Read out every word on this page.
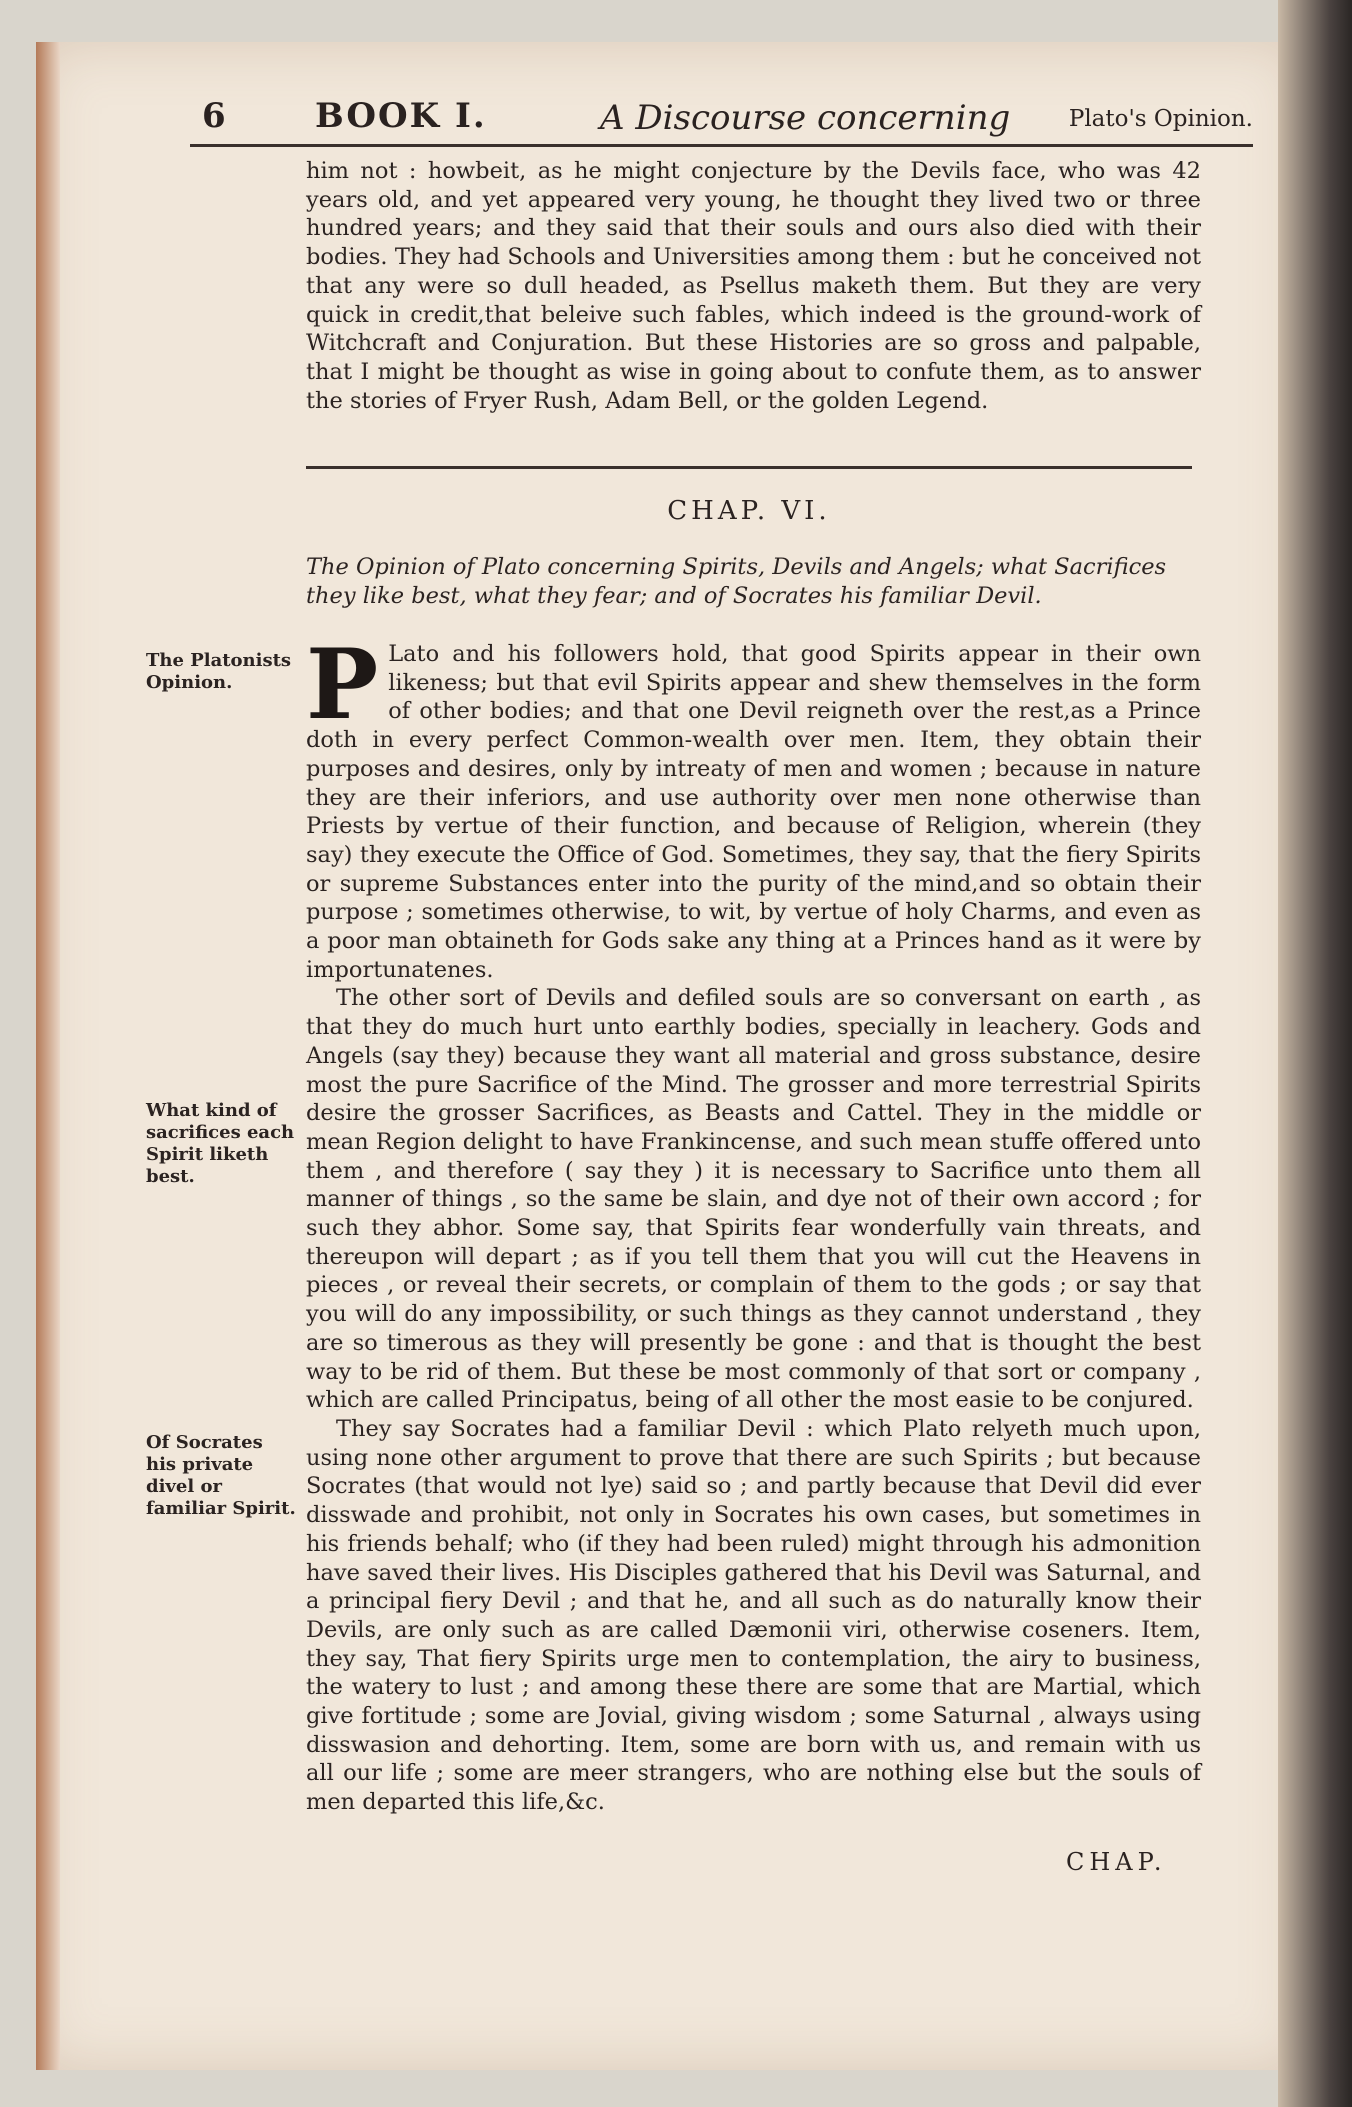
6	BOOK I.	A Discourse concerning	Plato's Opinion.

him not : howbeit, as he might conjecture by the Devils face, who was 42 years old, and yet appeared very young, he thought they lived two or three hundred years; and they said that their souls and ours also died with their bodies. They had Schools and Universities among them : but he conceived not that any were so dull headed, as Psellus maketh them. But they are very quick in credit,that beleive such fables, which indeed is the ground-work of Witchcraft and Conjuration. But these Histories are so gross and palpable, that I might be thought as wise in going about to confute them, as to answer the stories of Fryer Rush, Adam Bell, or the golden Legend.

CHAP. VI.
The Opinion of Plato concerning Spirits, Devils and Angels; what Sacrifices they like best, what they fear; and of Socrates his familiar Devil.

P Lato and his followers hold, that good Spirits appear in their own likeness; but that evil Spirits appear and shew themselves in the form of other bodies; and that one Devil reigneth over the rest,as a Prince doth in every perfect Common-wealth over men. Item, they obtain their purposes and desires, only by intreaty of men and women ; because in nature they are their inferiors, and use authority over men none otherwise than Priests by vertue of their function, and because of Religion, wherein (they say) they execute the Office of God. Sometimes, they say, that the fiery Spirits or supreme Substances enter into the purity of the mind,and so obtain their purpose ; sometimes otherwise, to wit, by vertue of holy Charms, and even as a poor man obtaineth for Gods sake any thing at a Princes hand as it were by importunatenes.

The other sort of Devils and defiled souls are so conversant on earth , as that they do much hurt unto earthly bodies, specially in leachery. Gods and Angels (say they) because they want all material and gross substance, desire most the pure Sacrifice of the Mind. The grosser and more terrestrial Spirits desire the grosser Sacrifices, as Beasts and Cattel. They in the middle or mean Region delight to have Frankincense, and such mean stuffe offered unto them , and therefore ( say they ) it is necessary to Sacrifice unto them all manner of things , so the same be slain, and dye not of their own accord ; for such they abhor. Some say, that Spirits fear wonderfully vain threats, and thereupon will depart ; as if you tell them that you will cut the Heavens in pieces , or reveal their secrets, or complain of them to the gods ; or say that you will do any impossibility, or such things as they cannot understand , they are so timerous as they will presently be gone : and that is thought the best way to be rid of them. But these be most commonly of that sort or company , which are called Principatus, being of all other the most easie to be conjured.

They say Socrates had a familiar Devil : which Plato relyeth much upon, using none other argument to prove that there are such Spirits ; but because Socrates (that would not lye) said so ; and partly because that Devil did ever disswade and prohibit, not only in Socrates his own cases, but sometimes in his friends behalf; who (if they had been ruled) might through his admonition have saved their lives. His Disciples gathered that his Devil was Saturnal, and a principal fiery Devil ; and that he, and all such as do naturally know their Devils, are only such as are called Dæmonii viri, otherwise coseners. Item, they say, That fiery Spirits urge men to contemplation, the airy to business, the watery to lust ; and among these there are some that are Martial, which give fortitude ; some are Jovial, giving wisdom ; some Saturnal , always using disswasion and dehorting. Item, some are born with us, and remain with us all our life ; some are meer strangers, who are nothing else but the souls of men departed this life,&c.

The Platonists Opinion.
What kind of sacrifices each Spirit liketh best.
Of Socrates his private divel or familiar Spirit.
CHAP.
